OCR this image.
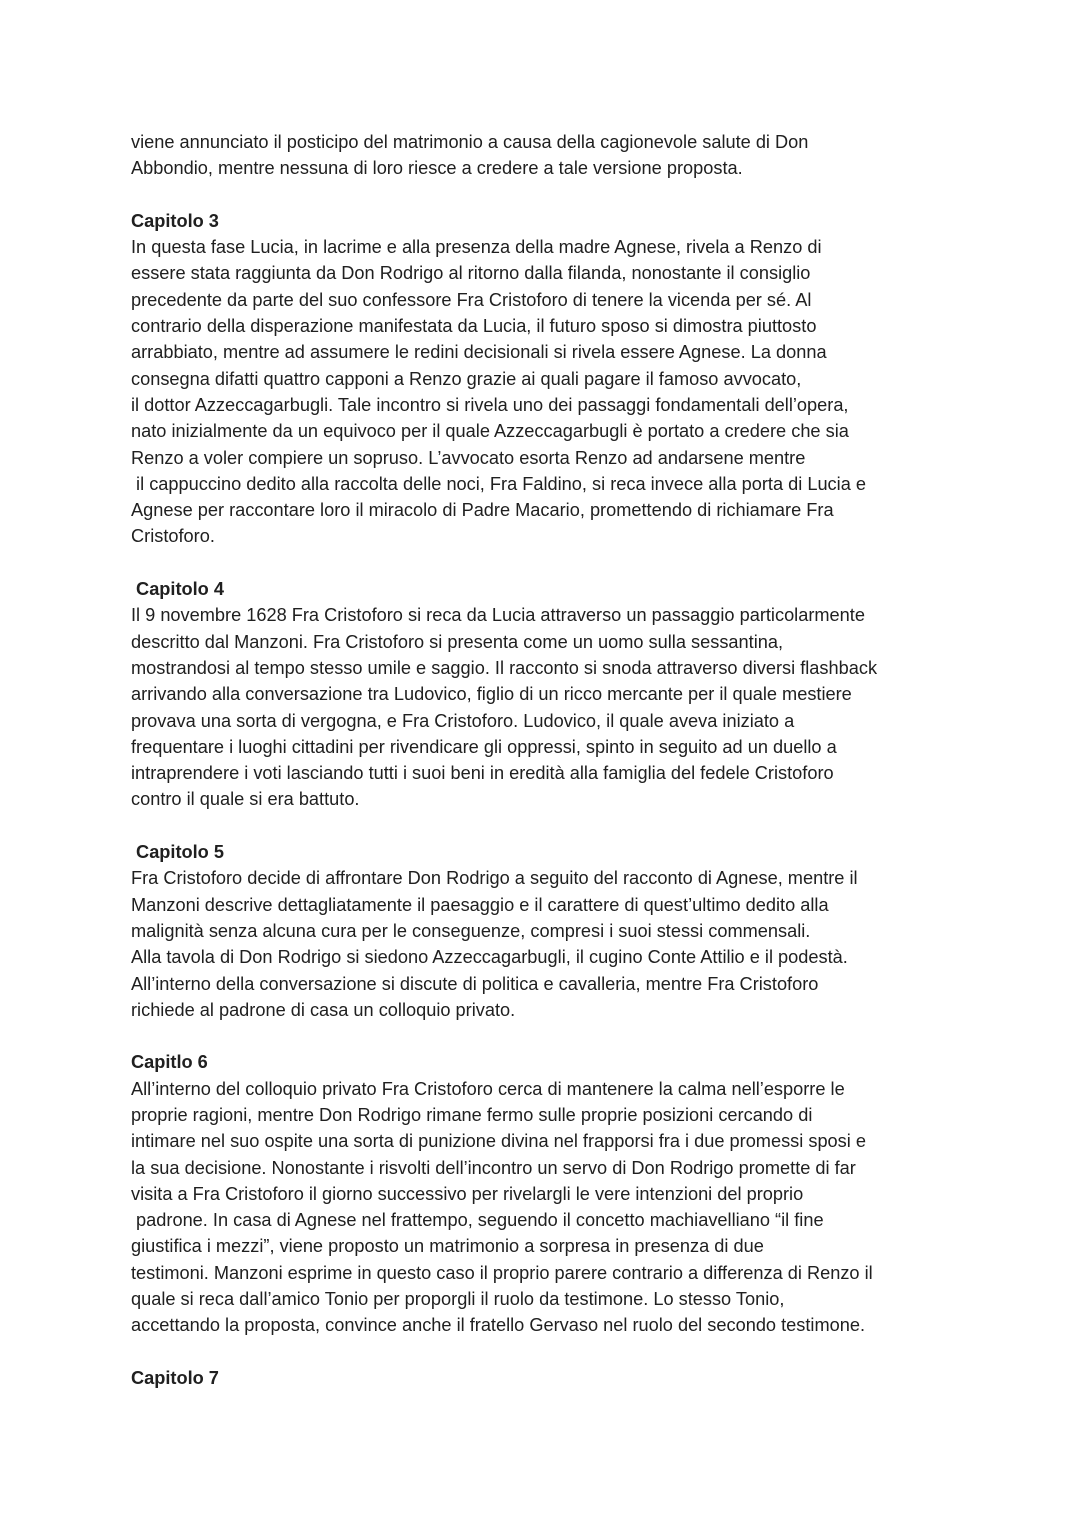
viene annunciato il posticipo del matrimonio a causa della cagionevole salute di Don

Abbondio, mentre nessuna di loro riesce a credere a tale versione proposta.

Capitolo 3

In questa fase Lucia, in lacrime e alla presenza della madre Agnese, rivela a Renzo di

essere stata raggiunta da Don Rodrigo al ritorno dalla filanda, nonostante il consiglio

precedente da parte del suo confessore Fra Cristoforo di tenere la vicenda per sé. Al

contrario della disperazione manifestata da Lucia, il futuro sposo si dimostra piuttosto

arrabbiato, mentre ad assumere le redini decisionali si rivela essere Agnese. La donna

consegna difatti quattro capponi a Renzo grazie ai quali pagare il famoso avvocato,

il dottor Azzeccagarbugli. Tale incontro si rivela uno dei passaggi fondamentali dell’opera,

nato inizialmente da un equivoco per il quale Azzeccagarbugli è portato a credere che sia

Renzo a voler compiere un sopruso. L’avvocato esorta Renzo ad andarsene mentre

il cappuccino dedito alla raccolta delle noci, Fra Faldino, si reca invece alla porta di Lucia e

Agnese per raccontare loro il miracolo di Padre Macario, promettendo di richiamare Fra

Cristoforo.

Capitolo 4

Il 9 novembre 1628 Fra Cristoforo si reca da Lucia attraverso un passaggio particolarmente

descritto dal Manzoni. Fra Cristoforo si presenta come un uomo sulla sessantina,

mostrandosi al tempo stesso umile e saggio. Il racconto si snoda attraverso diversi flashback

arrivando alla conversazione tra Ludovico, figlio di un ricco mercante per il quale mestiere

provava una sorta di vergogna, e Fra Cristoforo. Ludovico, il quale aveva iniziato a

frequentare i luoghi cittadini per rivendicare gli oppressi, spinto in seguito ad un duello a

intraprendere i voti lasciando tutti i suoi beni in eredità alla famiglia del fedele Cristoforo

contro il quale si era battuto.

Capitolo 5

Fra Cristoforo decide di affrontare Don Rodrigo a seguito del racconto di Agnese, mentre il

Manzoni descrive dettagliatamente il paesaggio e il carattere di quest’ultimo dedito alla

malignità senza alcuna cura per le conseguenze, compresi i suoi stessi commensali.

Alla tavola di Don Rodrigo si siedono Azzeccagarbugli, il cugino Conte Attilio e il podestà.

All’interno della conversazione si discute di politica e cavalleria, mentre Fra Cristoforo

richiede al padrone di casa un colloquio privato.

Capitlo 6

All’interno del colloquio privato Fra Cristoforo cerca di mantenere la calma nell’esporre le

proprie ragioni, mentre Don Rodrigo rimane fermo sulle proprie posizioni cercando di

intimare nel suo ospite una sorta di punizione divina nel frapporsi fra i due promessi sposi e

la sua decisione. Nonostante i risvolti dell’incontro un servo di Don Rodrigo promette di far

visita a Fra Cristoforo il giorno successivo per rivelargli le vere intenzioni del proprio

padrone. In casa di Agnese nel frattempo, seguendo il concetto machiavelliano “il fine

giustifica i mezzi”, viene proposto un matrimonio a sorpresa in presenza di due

testimoni. Manzoni esprime in questo caso il proprio parere contrario a differenza di Renzo il

quale si reca dall’amico Tonio per proporgli il ruolo da testimone. Lo stesso Tonio,

accettando la proposta, convince anche il fratello Gervaso nel ruolo del secondo testimone.

Capitolo 7
